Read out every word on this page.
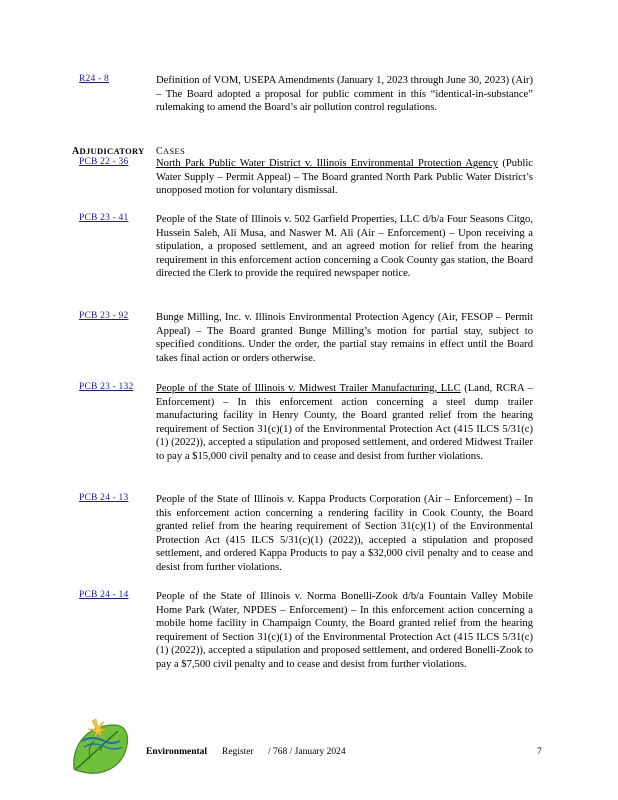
R24 - 8	Definition of VOM, USEPA Amendments (January 1, 2023 through June 30, 2023) (Air) – The Board adopted a proposal for public comment in this “identical-in-substance” rulemaking to amend the Board’s air pollution control regulations.
ADJUDICATORY CASES
PCB 22 - 36	North Park Public Water District v. Illinois Environmental Protection Agency (Public Water Supply – Permit Appeal) – The Board granted North Park Public Water District’s unopposed motion for voluntary dismissal.
PCB 23 - 41	People of the State of Illinois v. 502 Garfield Properties, LLC d/b/a Four Seasons Citgo, Hussein Saleh, Ali Musa, and Naswer M. Ali (Air – Enforcement) – Upon receiving a stipulation, a proposed settlement, and an agreed motion for relief from the hearing requirement in this enforcement action concerning a Cook County gas station, the Board directed the Clerk to provide the required newspaper notice.
PCB 23 - 92	Bunge Milling, Inc. v. Illinois Environmental Protection Agency (Air, FESOP – Permit Appeal) – The Board granted Bunge Milling’s motion for partial stay, subject to specified conditions. Under the order, the partial stay remains in effect until the Board takes final action or orders otherwise.
PCB 23 - 132 People of the State of Illinois v. Midwest Trailer Manufacturing, LLC (Land, RCRA – Enforcement) – In this enforcement action concerning a steel dump trailer manufacturing facility in Henry County, the Board granted relief from the hearing requirement of Section 31(c)(1) of the Environmental Protection Act (415 ILCS 5/31(c)(1) (2022)), accepted a stipulation and proposed settlement, and ordered Midwest Trailer to pay a $15,000 civil penalty and to cease and desist from further violations.
PCB 24 - 13	People of the State of Illinois v. Kappa Products Corporation (Air – Enforcement) – In this enforcement action concerning a rendering facility in Cook County, the Board granted relief from the hearing requirement of Section 31(c)(1) of the Environmental Protection Act (415 ILCS 5/31(c)(1) (2022)), accepted a stipulation and proposed settlement, and ordered Kappa Products to pay a $32,000 civil penalty and to cease and desist from further violations.
PCB 24 - 14	People of the State of Illinois v. Norma Bonelli-Zook d/b/a Fountain Valley Mobile Home Park (Water, NPDES – Enforcement) – In this enforcement action concerning a mobile home facility in Champaign County, the Board granted relief from the hearing requirement of Section 31(c)(1) of the Environmental Protection Act (415 ILCS 5/31(c)(1) (2022)), accepted a stipulation and proposed settlement, and ordered Bonelli-Zook to pay a $7,500 civil penalty and to cease and desist from further violations.
Environmental Register / 768 / January 2024	7
